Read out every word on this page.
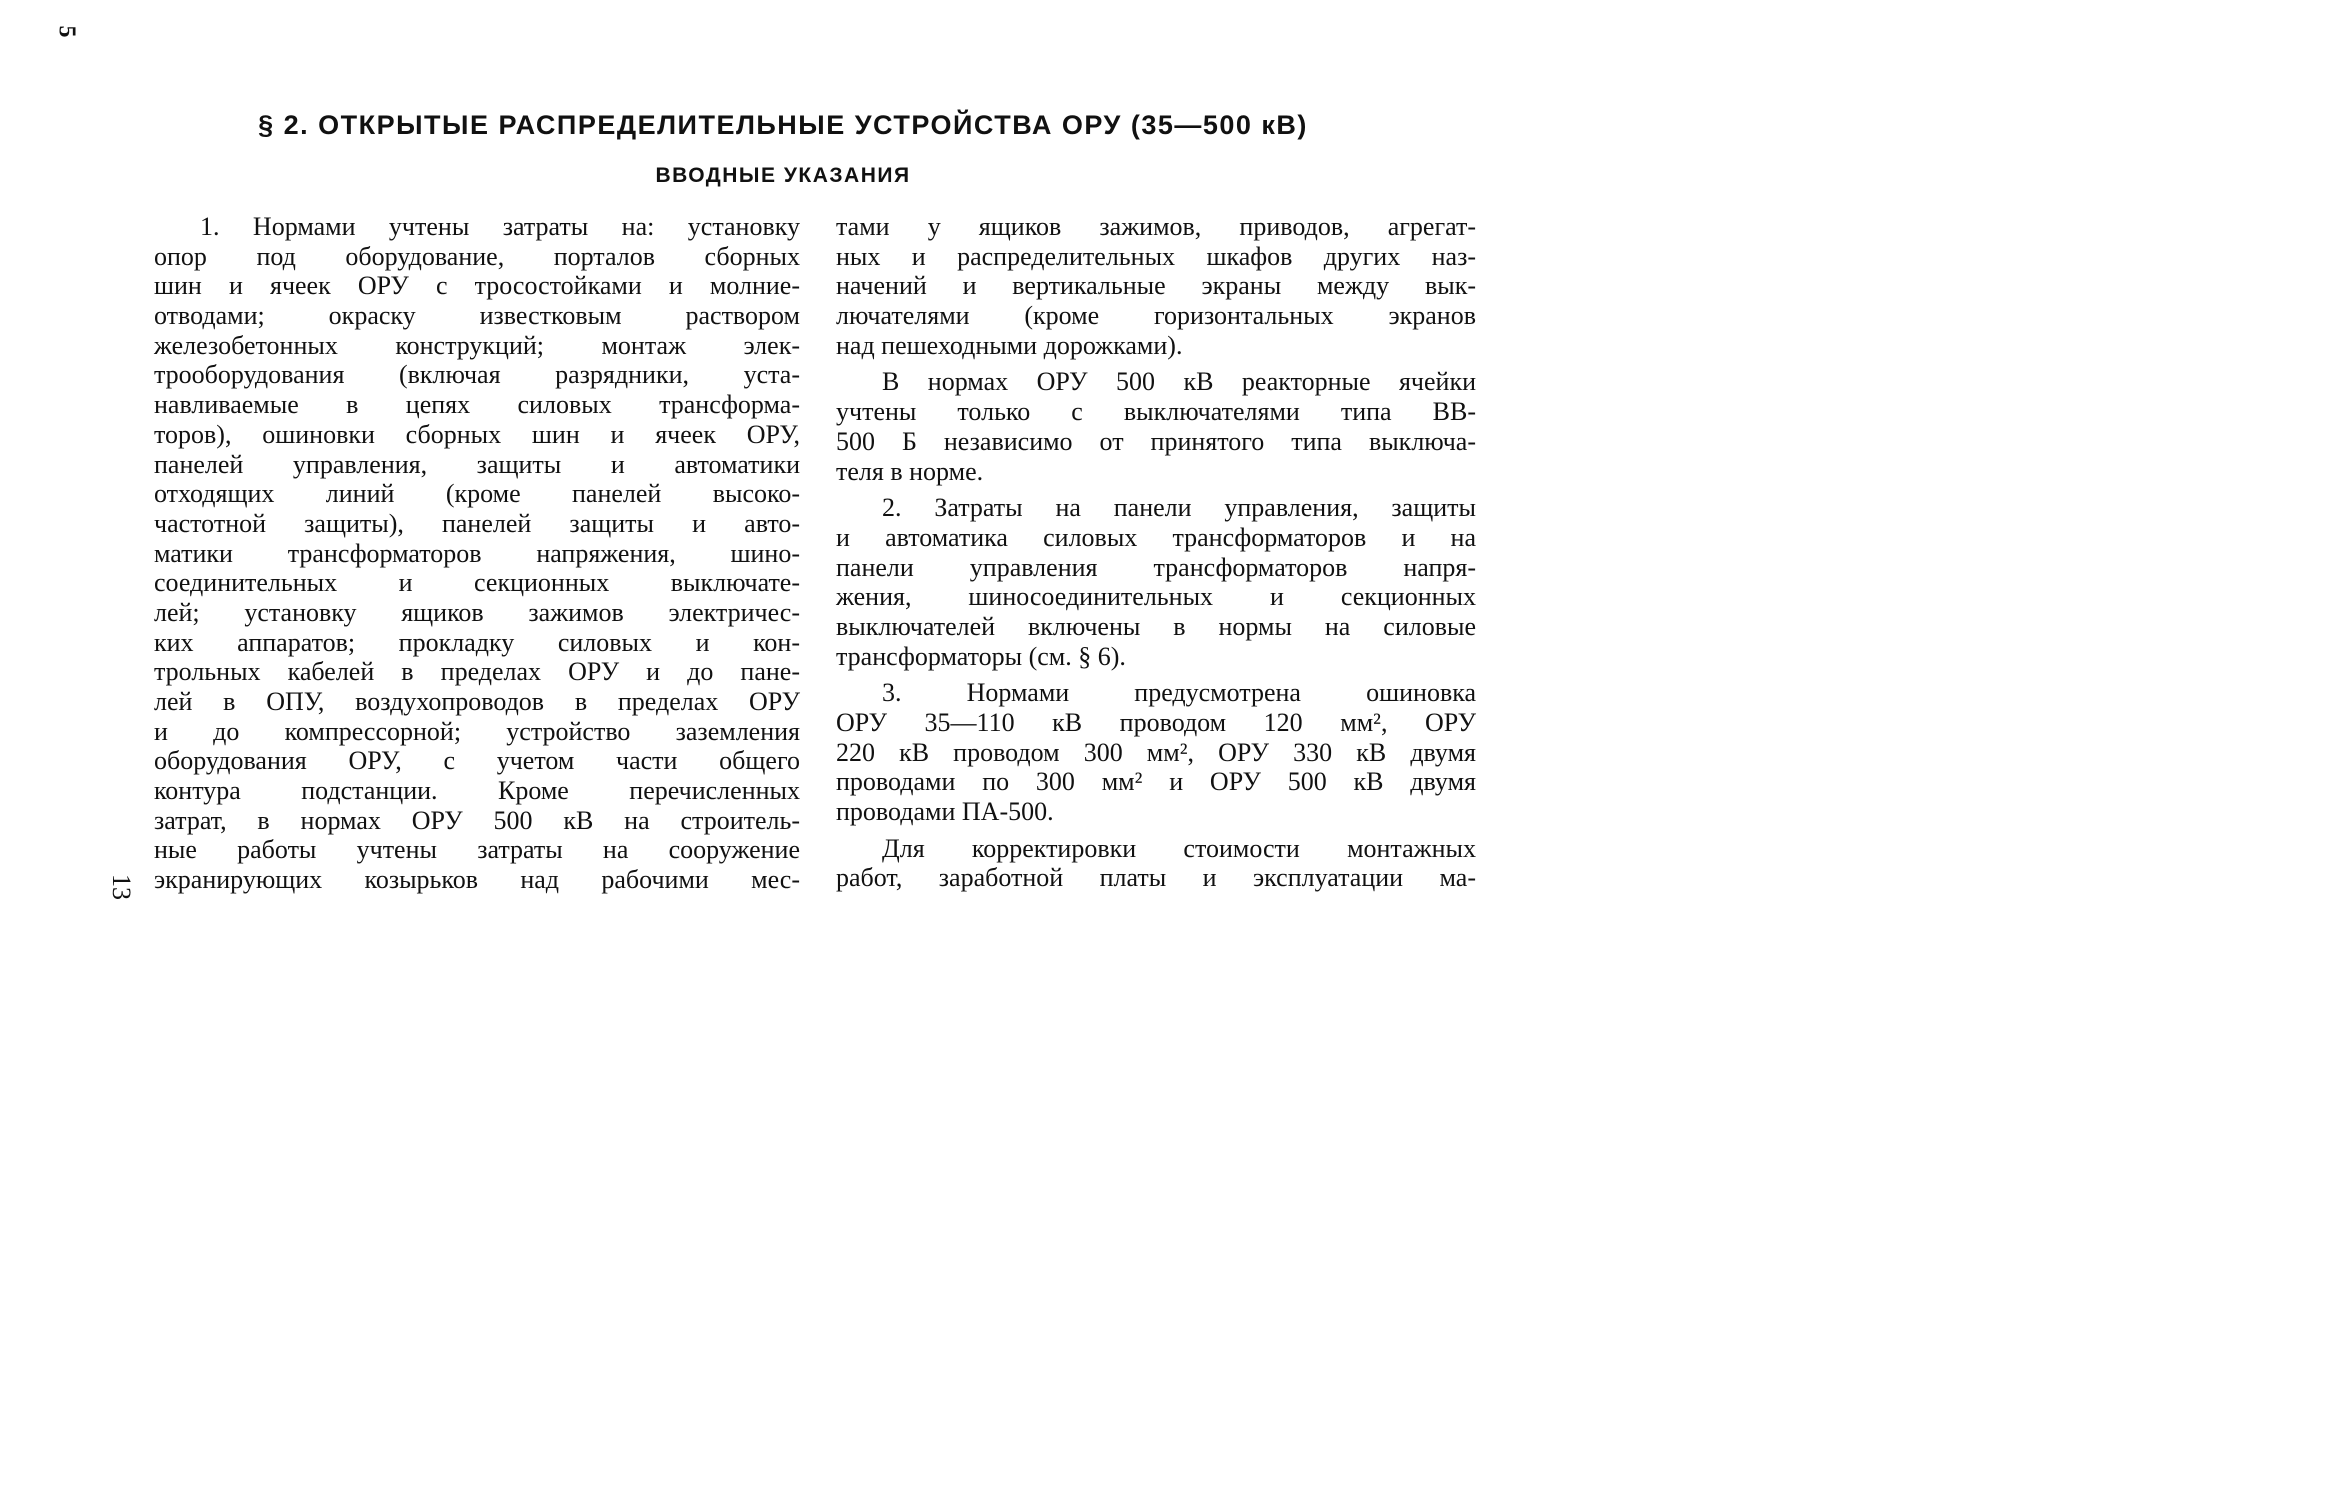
5
13
§ 2. ОТКРЫТЫЕ РАСПРЕДЕЛИТЕЛЬНЫЕ УСТРОЙСТВА ОРУ (35—500 кВ)
ВВОДНЫЕ УКАЗАНИЯ
1. Нормами учтены затраты на: установку
опор под оборудование, порталов сборных
шин и ячеек ОРУ с тросостойками и молние-
отводами; окраску известковым раствором
железобетонных конструкций; монтаж элек-
трооборудования (включая разрядники, уста-
навливаемые в цепях силовых трансформа-
торов), ошиновки сборных шин и ячеек ОРУ,
панелей управления, защиты и автоматики
отходящих линий (кроме панелей высоко-
частотной защиты), панелей защиты и авто-
матики трансформаторов напряжения, шино-
соединительных и секционных выключате-
лей; установку ящиков зажимов электричес-
ких аппаратов; прокладку силовых и кон-
трольных кабелей в пределах ОРУ и до пане-
лей в ОПУ, воздухопроводов в пределах ОРУ
и до компрессорной; устройство заземления
оборудования ОРУ, с учетом части общего
контура подстанции. Кроме перечисленных
затрат, в нормах ОРУ 500 кВ на строитель-
ные работы учтены затраты на сооружение
экранирующих козырьков над рабочими мес-
тами у ящиков зажимов, приводов, агрегат-
ных и распределительных шкафов других наз-
начений и вертикальные экраны между вык-
лючателями (кроме горизонтальных экранов
над пешеходными дорожками).
В нормах ОРУ 500 кВ реакторные ячейки
учтены только с выключателями типа ВВ-
500 Б независимо от принятого типа выключа-
теля в норме.
2. Затраты на панели управления, защиты
и автоматика силовых трансформаторов и на
панели управления трансформаторов напря-
жения, шиносоединительных и секционных
выключателей включены в нормы на силовые
трансформаторы (см. § 6).
3. Нормами предусмотрена ошиновка
ОРУ 35—110 кВ проводом 120 мм², ОРУ
220 кВ проводом 300 мм², ОРУ 330 кВ двумя
проводами по 300 мм² и ОРУ 500 кВ двумя
проводами ПА-500.
Для корректировки стоимости монтажных
работ, заработной платы и эксплуатации ма-
